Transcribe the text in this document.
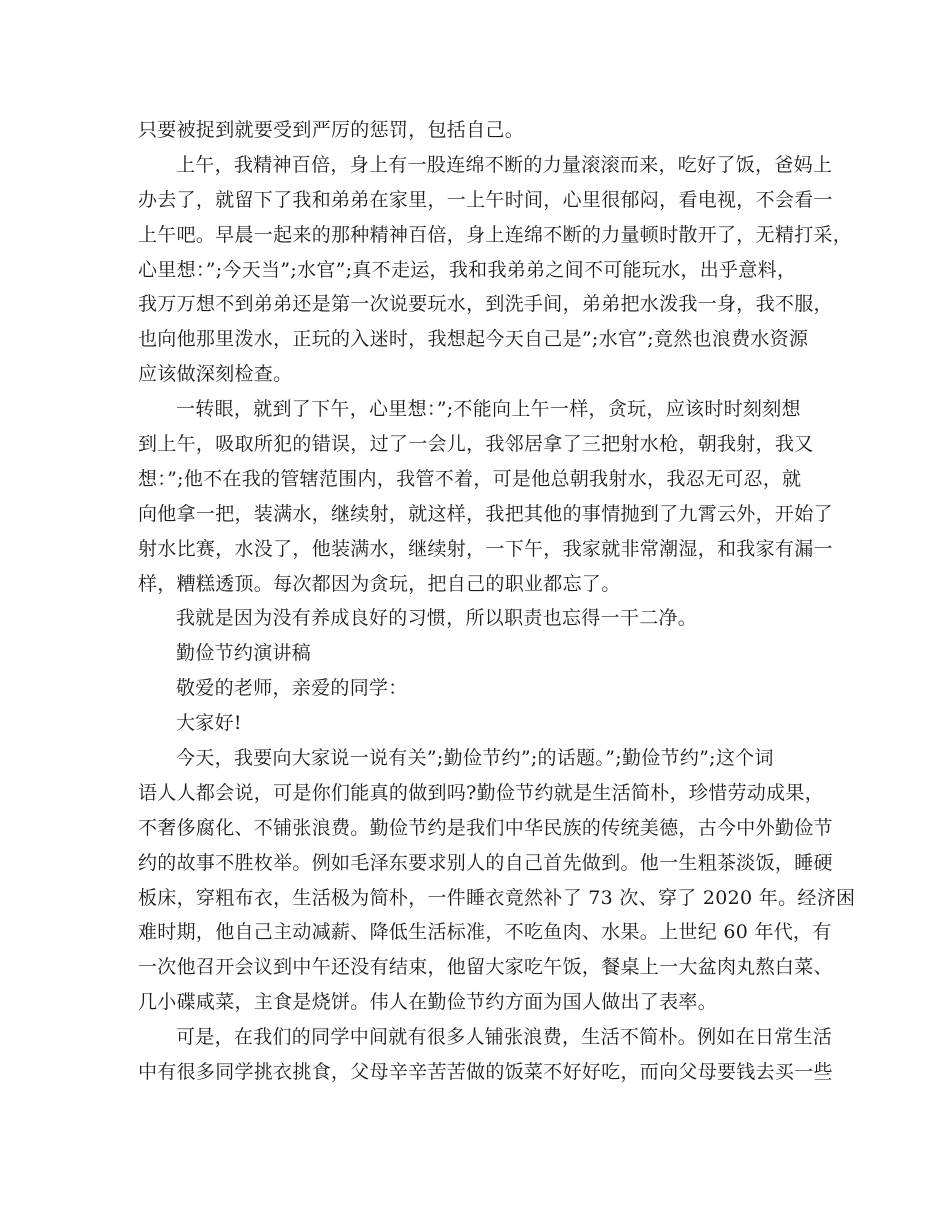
只要被捉到就要受到严厉的惩罚，包括自己。
上午，我精神百倍，身上有一股连绵不断的力量滚滚而来，吃好了饭，爸妈上
办去了，就留下了我和弟弟在家里，一上午时间，心里很郁闷，看电视，不会看一
上午吧。早晨一起来的那种精神百倍，身上连绵不断的力量顿时散开了，无精打采，
心里想：”;今天当”;水官”;真不走运，我和我弟弟之间不可能玩水，出乎意料，
我万万想不到弟弟还是第一次说要玩水，到洗手间，弟弟把水泼我一身，我不服，
也向他那里泼水，正玩的入迷时，我想起今天自己是”;水官”;竟然也浪费水资源
应该做深刻检查。
一转眼，就到了下午，心里想：”;不能向上午一样，贪玩，应该时时刻刻想
到上午，吸取所犯的错误，过了一会儿，我邻居拿了三把射水枪，朝我射，我又
想：”;他不在我的管辖范围内，我管不着，可是他总朝我射水，我忍无可忍，就
向他拿一把，装满水，继续射，就这样，我把其他的事情抛到了九霄云外，开始了
射水比赛，水没了，他装满水，继续射，一下午，我家就非常潮湿，和我家有漏一
样，糟糕透顶。每次都因为贪玩，把自己的职业都忘了。
我就是因为没有养成良好的习惯，所以职责也忘得一干二净。
勤俭节约演讲稿
敬爱的老师，亲爱的同学：
大家好!
今天，我要向大家说一说有关”;勤俭节约”;的话题。”;勤俭节约”;这个词
语人人都会说，可是你们能真的做到吗?勤俭节约就是生活简朴，珍惜劳动成果，
不奢侈腐化、不铺张浪费。勤俭节约是我们中华民族的传统美德，古今中外勤俭节
约的故事不胜枚举。例如毛泽东要求别人的自己首先做到。他一生粗茶淡饭，睡硬
板床，穿粗布衣，生活极为简朴，一件睡衣竟然补了 73 次、穿了 2020 年。经济困
难时期，他自己主动减薪、降低生活标准，不吃鱼肉、水果。上世纪 60 年代，有
一次他召开会议到中午还没有结束，他留大家吃午饭，餐桌上一大盆肉丸熬白菜、
几小碟咸菜，主食是烧饼。伟人在勤俭节约方面为国人做出了表率。
可是，在我们的同学中间就有很多人铺张浪费，生活不简朴。例如在日常生活
中有很多同学挑衣挑食，父母辛辛苦苦做的饭菜不好好吃，而向父母要钱去买一些
